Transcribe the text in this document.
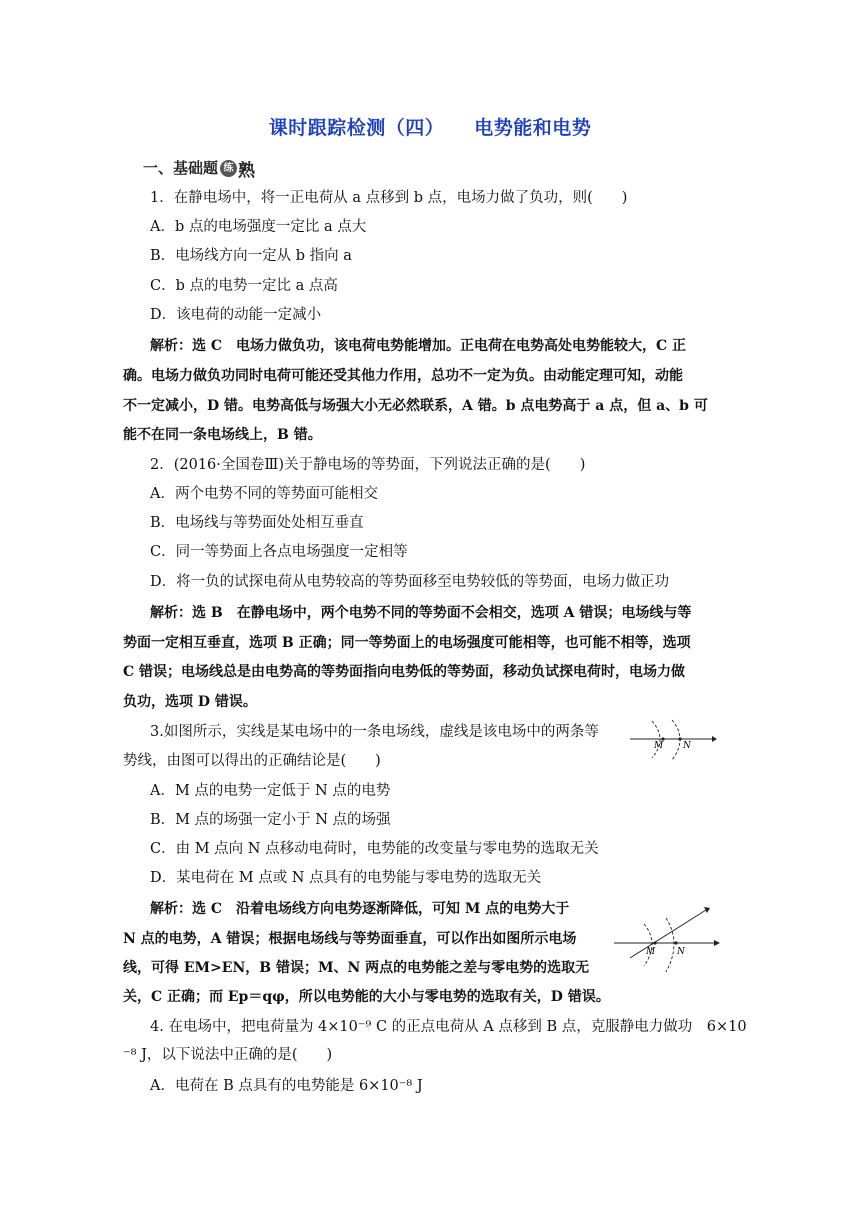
课时跟踪检测（四） 电势能和电势
一、基础题 练 熟
1．在静电场中，将一正电荷从 a 点移到 b 点，电场力做了负功，则(　　)
A．b 点的电场强度一定比 a 点大
B．电场线方向一定从 b 指向 a
C．b 点的电势一定比 a 点高
D．该电荷的动能一定减小
解析：选 C　电场力做负功，该电荷电势能增加。正电荷在电势高处电势能较大，C 正
确。电场力做负功同时电荷可能还受其他力作用，总功不一定为负。由动能定理可知，动能
不一定减小，D 错。电势高低与场强大小无必然联系，A 错。b 点电势高于 a 点，但 a、b 可
能不在同一条电场线上，B 错。
2．(2016·全国卷Ⅲ)关于静电场的等势面，下列说法正确的是(　　)
A．两个电势不同的等势面可能相交
B．电场线与等势面处处相互垂直
C．同一等势面上各点电场强度一定相等
D．将一负的试探电荷从电势较高的等势面移至电势较低的等势面，电场力做正功
解析：选 B　在静电场中，两个电势不同的等势面不会相交，选项 A 错误；电场线与等
势面一定相互垂直，选项 B 正确；同一等势面上的电场强度可能相等，也可能不相等，选项
C 错误；电场线总是由电势高的等势面指向电势低的等势面，移动负试探电荷时，电场力做
负功，选项 D 错误。
3.如图所示，实线是某电场中的一条电场线，虚线是该电场中的两条等
势线，由图可以得出的正确结论是(　　)
M N
A．M 点的电势一定低于 N 点的电势
B．M 点的场强一定小于 N 点的场强
C．由 M 点向 N 点移动电荷时，电势能的改变量与零电势的选取无关
D．某电荷在 M 点或 N 点具有的电势能与零电势的选取无关
解析：选 C　沿着电场线方向电势逐渐降低，可知 M 点的电势大于
N 点的电势，A 错误；根据电场线与等势面垂直，可以作出如图所示电场
线，可得 EM>EN，B 错误；M、N 两点的电势能之差与零电势的选取无
关，C 正确；而 Ep＝qφ，所以电势能的大小与零电势的选取有关，D 错误。
M N
4. 在电场中，把电荷量为 4×10⁻⁹ C 的正点电荷从 A 点移到 B 点，克服静电力做功　6×10
⁻⁸ J，以下说法中正确的是(　　)
A．电荷在 B 点具有的电势能是 6×10⁻⁸ J
